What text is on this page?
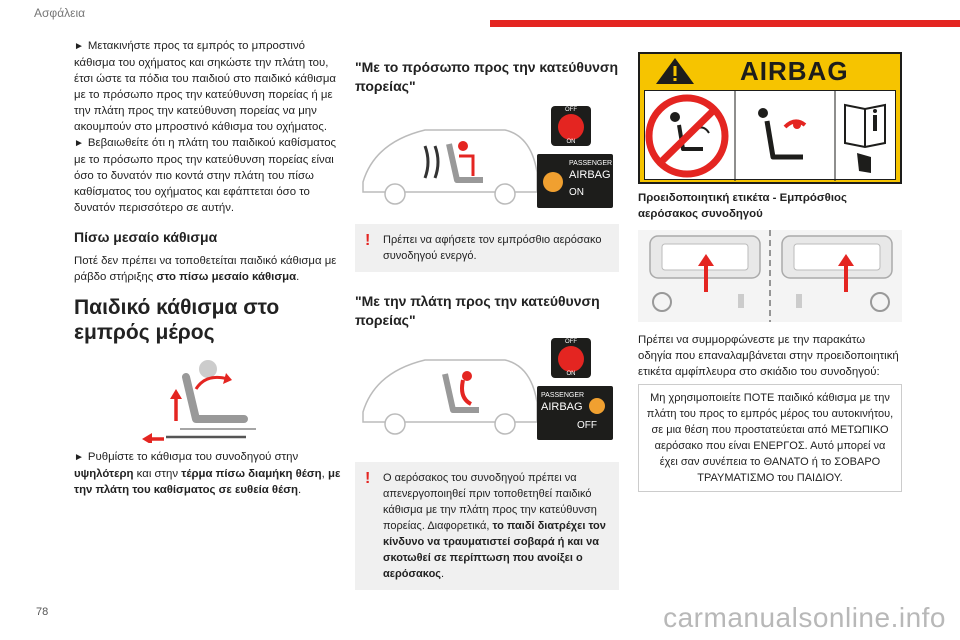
Ασφάλεια

► Μετακινήστε προς τα εμπρός το μπροστινό κάθισμα του οχήματος και σηκώστε την πλάτη του, έτσι ώστε τα πόδια του παιδιού στο παιδικό κάθισμα με το πρόσωπο προς την κατεύθυνση πορείας ή με την πλάτη προς την κατεύθυνση πορείας να μην ακουμπούν στο μπροστινό κάθισμα του οχήματος.

► Βεβαιωθείτε ότι η πλάτη του παιδικού καθίσματος με το πρόσωπο προς την κατεύθυνση πορείας είναι όσο το δυνατόν πιο κοντά στην πλάτη του πίσω καθίσματος του οχήματος και εφάπτεται όσο το δυνατόν περισσότερο σε αυτήν.

Πίσω μεσαίο κάθισμα

Ποτέ δεν πρέπει να τοποθετείται παιδικό κάθισμα με ράβδο στήριξης στο πίσω μεσαίο κάθισμα.

Παιδικό κάθισμα στο εμπρός μέρος

► Ρυθμίστε το κάθισμα του συνοδηγού στην υψηλότερη και στην τέρμα πίσω διαμήκη θέση, με την πλάτη του καθίσματος σε ευθεία θέση.

"Με το πρόσωπο προς την κατεύθυνση πορείας"
OFF
ON
PASSENGER
AIRBAG
ON
! Πρέπει να αφήσετε τον εμπρόσθιο αερόσακο συνοδηγού ενεργό.
"Με την πλάτη προς την κατεύθυνση πορείας"
OFF
ON
PASSENGER
AIRBAG
OFF
! Ο αερόσακος του συνοδηγού πρέπει να απενεργοποιηθεί πριν τοποθετηθεί παιδικό κάθισμα με την πλάτη προς την κατεύθυνση πορείας. Διαφορετικά, το παιδί διατρέχει τον κίνδυνο να τραυματιστεί σοβαρά ή και να σκοτωθεί σε περίπτωση που ανοίξει ο αερόσακος.
AIRBAG
Προειδοποιητική ετικέτα - Εμπρόσθιος αερόσακος συνοδηγού

Πρέπει να συμμορφώνεστε με την παρακάτω οδηγία που επαναλαμβάνεται στην προειδοποιητική ετικέτα αμφίπλευρα στο σκιάδιο του συνοδηγού:

Μη χρησιμοποιείτε ΠΟΤΕ παιδικό κάθισμα με την πλάτη του προς το εμπρός μέρος του αυτοκινήτου, σε μια θέση που προστατεύεται από ΜΕΤΩΠΙΚΟ αερόσακο που είναι ΕΝΕΡΓΟΣ. Αυτό μπορεί να έχει σαν συνέπεια το ΘΑΝΑΤΟ ή το ΣΟΒΑΡΟ ΤΡΑΥΜΑΤΙΣΜΟ του ΠΑΙΔΙΟΥ.
78	carmanualsonline.info
